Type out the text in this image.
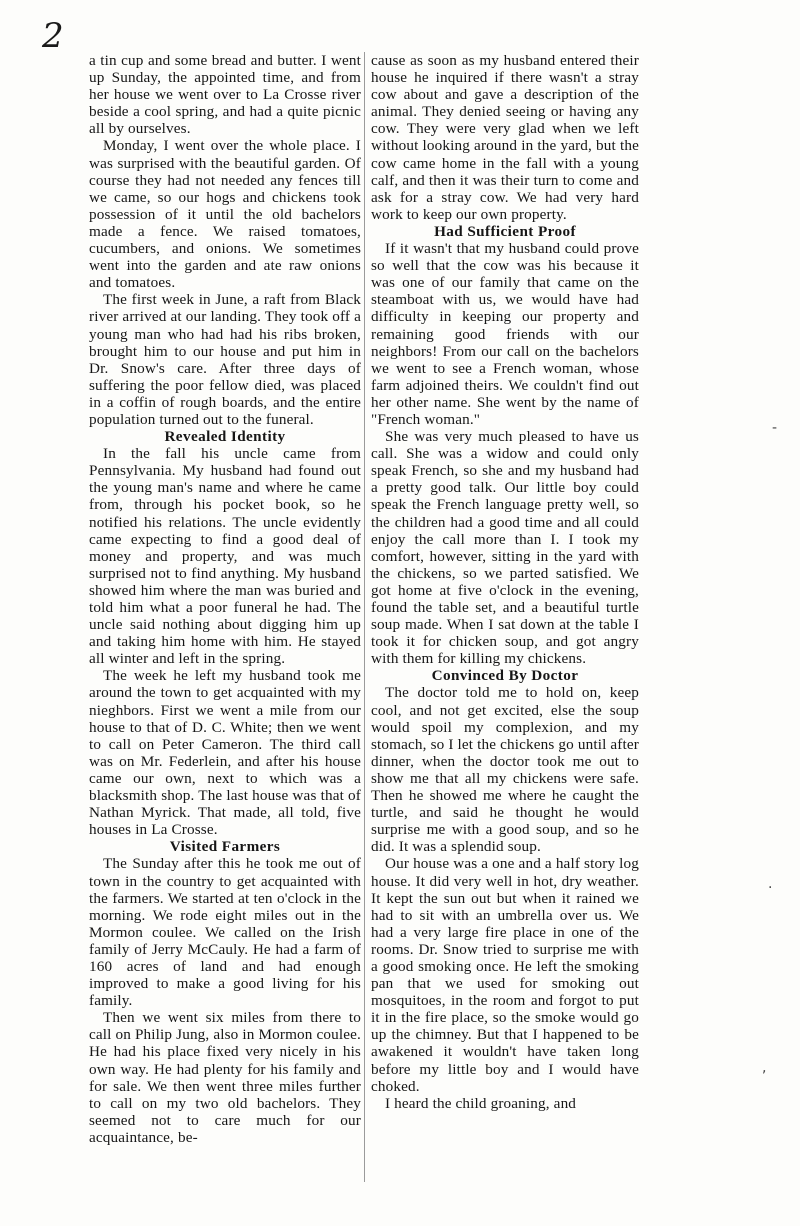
2

a tin cup and some bread and butter. I went up Sunday, the appointed time, and from her house we went over to La Crosse river beside a cool spring, and had a quite picnic all by ourselves.

Monday, I went over the whole place. I was surprised with the beautiful garden. Of course they had not needed any fences till we came, so our hogs and chickens took possession of it until the old bachelors made a fence. We raised tomatoes, cucumbers, and onions. We sometimes went into the garden and ate raw onions and tomatoes.

The first week in June, a raft from Black river arrived at our landing. They took off a young man who had had his ribs broken, brought him to our house and put him in Dr. Snow's care. After three days of suffering the poor fellow died, was placed in a coffin of rough boards, and the entire population turned out to the funeral.

Revealed Identity

In the fall his uncle came from Pennsylvania. My husband had found out the young man's name and where he came from, through his pocket book, so he notified his relations. The uncle evidently came expecting to find a good deal of money and property, and was much surprised not to find anything. My husband showed him where the man was buried and told him what a poor funeral he had. The uncle said nothing about digging him up and taking him home with him. He stayed all winter and left in the spring.

The week he left my husband took me around the town to get acquainted with my nieghbors. First we went a mile from our house to that of D. C. White; then we went to call on Peter Cameron. The third call was on Mr. Federlein, and after his house came our own, next to which was a blacksmith shop. The last house was that of Nathan Myrick. That made, all told, five houses in La Crosse.

Visited Farmers

The Sunday after this he took me out of town in the country to get acquainted with the farmers. We started at ten o'clock in the morning. We rode eight miles out in the Mormon coulee. We called on the Irish family of Jerry McCauly. He had a farm of 160 acres of land and had enough improved to make a good living for his family.

Then we went six miles from there to call on Philip Jung, also in Mormon coulee. He had his place fixed very nicely in his own way. He had plenty for his family and for sale. We then went three miles further to call on my two old bachelors. They seemed not to care much for our acquaintance, be-

cause as soon as my husband entered their house he inquired if there wasn't a stray cow about and gave a description of the animal. They denied seeing or having any cow. They were very glad when we left without looking around in the yard, but the cow came home in the fall with a young calf, and then it was their turn to come and ask for a stray cow. We had very hard work to keep our own property.

Had Sufficient Proof

If it wasn't that my husband could prove so well that the cow was his because it was one of our family that came on the steamboat with us, we would have had difficulty in keeping our property and remaining good friends with our neighbors! From our call on the bachelors we went to see a French woman, whose farm adjoined theirs. We couldn't find out her other name. She went by the name of "French woman."

She was very much pleased to have us call. She was a widow and could only speak French, so she and my husband had a pretty good talk. Our little boy could speak the French language pretty well, so the children had a good time and all could enjoy the call more than I. I took my comfort, however, sitting in the yard with the chickens, so we parted satisfied. We got home at five o'clock in the evening, found the table set, and a beautiful turtle soup made. When I sat down at the table I took it for chicken soup, and got angry with them for killing my chickens.

Convinced By Doctor

The doctor told me to hold on, keep cool, and not get excited, else the soup would spoil my complexion, and my stomach, so I let the chickens go until after dinner, when the doctor took me out to show me that all my chickens were safe. Then he showed me where he caught the turtle, and said he thought he would surprise me with a good soup, and so he did. It was a splendid soup.

Our house was a one and a half story log house. It did very well in hot, dry weather. It kept the sun out but when it rained we had to sit with an umbrella over us. We had a very large fire place in one of the rooms. Dr. Snow tried to surprise me with a good smoking once. He left the smoking pan that we used for smoking out mosquitoes, in the room and forgot to put it in the fire place, so the smoke would go up the chimney. But that I happened to be awakened it wouldn't have taken long before my little boy and I would have choked.

I heard the child groaning, and

-
·
,
